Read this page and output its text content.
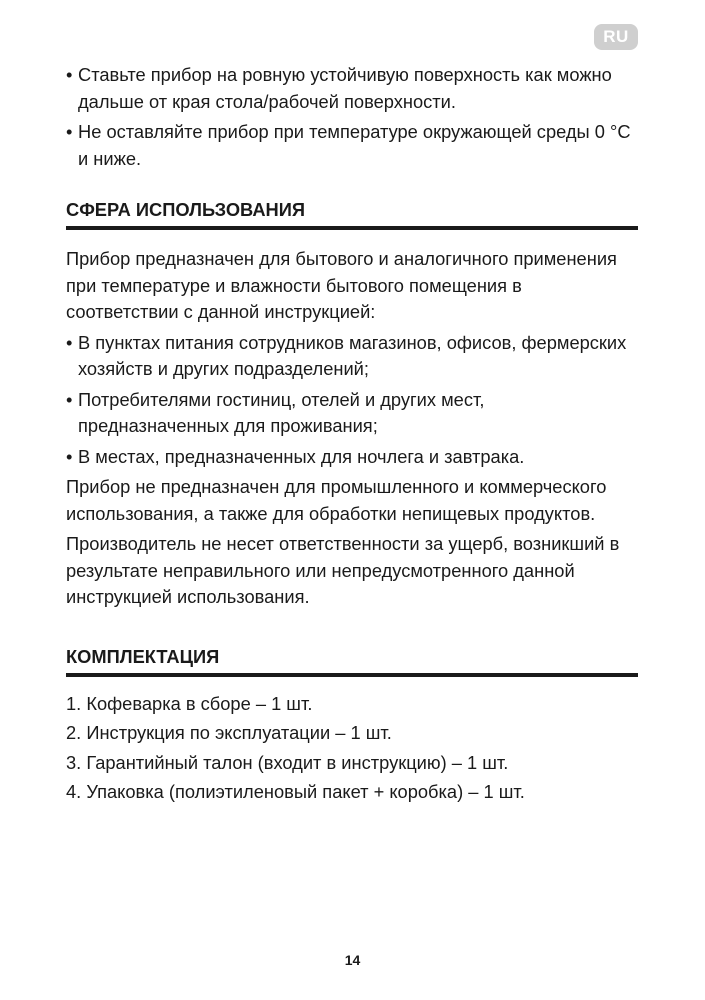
RU
• Ставьте прибор на ровную устойчивую поверхность как можно дальше от края стола/рабочей поверхности.
• Не оставляйте прибор при температуре окружающей среды 0 °С и ниже.
СФЕРА ИСПОЛЬЗОВАНИЯ

Прибор предназначен для бытового и аналогичного применения при температуре и влажности бытового помещения в соответствии с данной инструкцией:

• В пунктах питания сотрудников магазинов, офисов, фермерских хозяйств и других подразделений;
• Потребителями гостиниц, отелей и других мест, предназначенных для проживания;
• В местах, предназначенных для ночлега и завтрака.

Прибор не предназначен для промышленного и коммерческого использования, а также для обработки непищевых продуктов.

Производитель не несет ответственности за ущерб, возникший в результате неправильного или непредусмотренного данной инструкцией использования.

КОМПЛЕКТАЦИЯ
1. Кофеварка в сборе – 1 шт.
2. Инструкция по эксплуатации – 1 шт.
3. Гарантийный талон (входит в инструкцию) – 1 шт.
4. Упаковка (полиэтиленовый пакет + коробка) – 1 шт.
14
